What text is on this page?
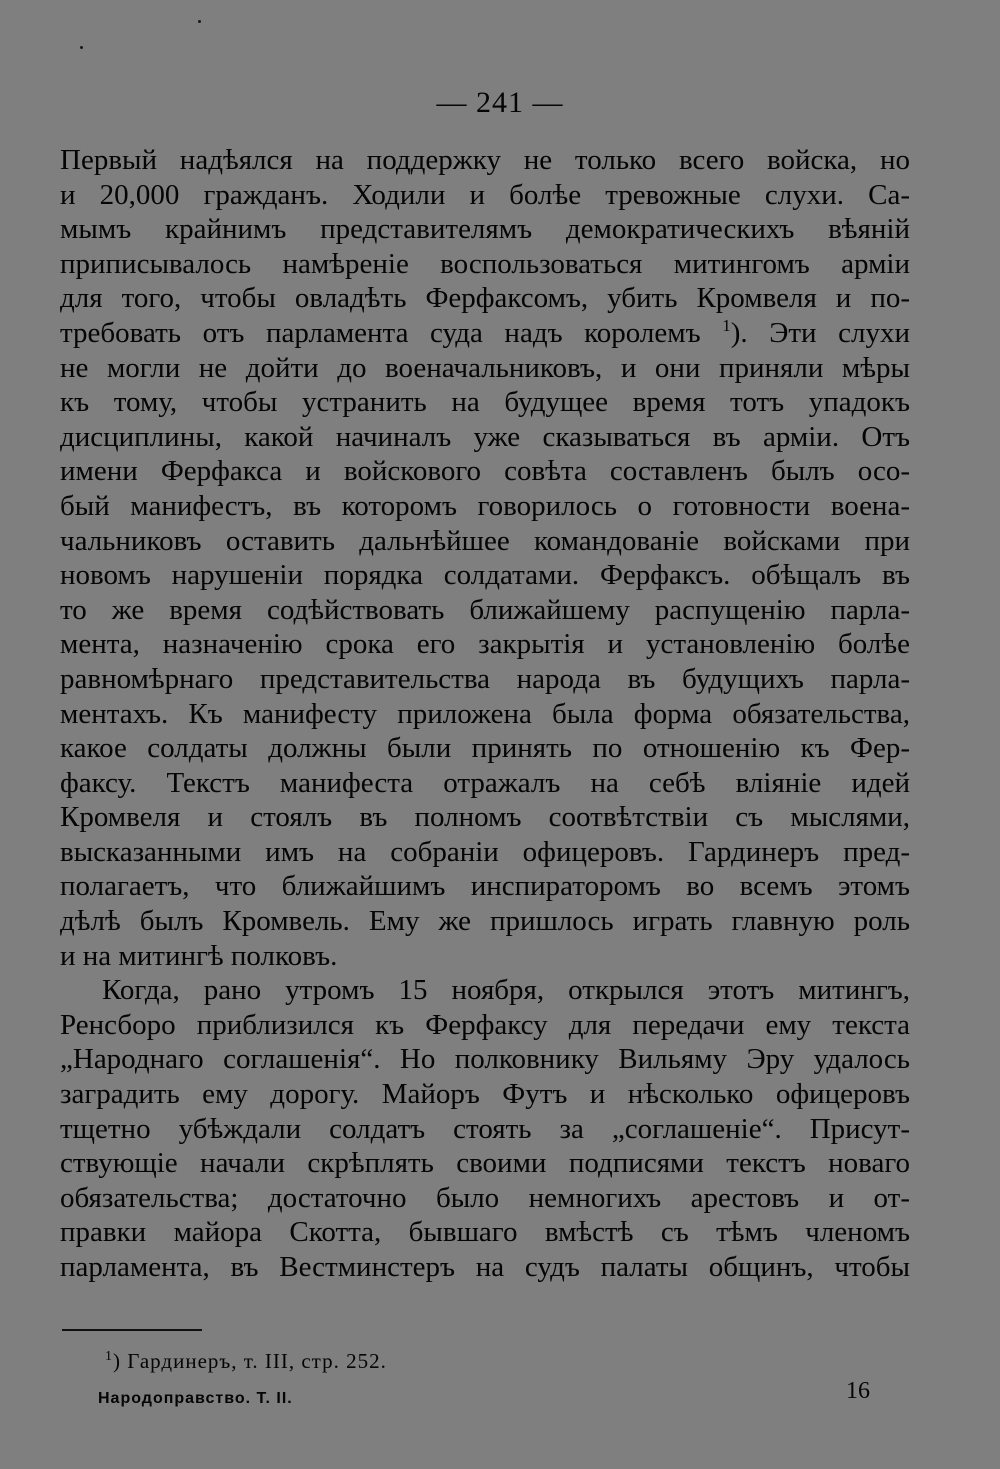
— 241 —
Первый надѣялся на поддержку не только всего войска, но
и 20,000 гражданъ. Ходили и болѣе тревожные слухи. Са-
мымъ крайнимъ представителямъ демократическихъ вѣяній
приписывалось намѣреніе воспользоваться митингомъ арміи
для того, чтобы овладѣть Ферфаксомъ, убить Кромвеля и по-
требовать отъ парламента суда надъ королемъ $^1$). Эти слухи
не могли не дойти до военачальниковъ, и они приняли мѣры
къ тому, чтобы устранить на будущее время тотъ упадокъ
дисциплины, какой начиналъ уже сказываться въ арміи. Отъ
имени Ферфакса и войскового совѣта составленъ былъ осо-
бый манифестъ, въ которомъ говорилось о готовности воена-
чальниковъ оставить дальнѣйшее командованіе войсками при
новомъ нарушеніи порядка солдатами. Ферфаксъ. обѣщалъ въ
то же время содѣйствовать ближайшему распущенію парла-
мента, назначенію срока его закрытія и установленію болѣе
равномѣрнаго представительства народа въ будущихъ парла-
ментахъ. Къ манифесту приложена была форма обязательства,
какое солдаты должны были принять по отношенію къ Фер-
факсу. Текстъ манифеста отражалъ на себѣ вліяніе идей
Кромвеля и стоялъ въ полномъ соотвѣтствіи съ мыслями,
высказанными имъ на собраніи офицеровъ. Гардинеръ пред-
полагаетъ, что ближайшимъ инспираторомъ во всемъ этомъ
дѣлѣ былъ Кромвель. Ему же пришлось играть главную роль
и на митингѣ полковъ.
Когда, рано утромъ 15 ноября, открылся этотъ митингъ,
Ренсборо приблизился къ Ферфаксу для передачи ему текста
„Народнаго соглашенія“. Но полковнику Вильяму Эру удалось
заградить ему дорогу. Майоръ Футъ и нѣсколько офицеровъ
тщетно убѣждали солдатъ стоять за „соглашеніе“. Присут-
ствующіе начали скрѣплять своими подписями текстъ новаго
обязательства; достаточно было немногихъ арестовъ и от-
правки майора Скотта, бывшаго вмѣстѣ съ тѣмъ членомъ
парламента, въ Вестминстеръ на судъ палаты общинъ, чтобы
$^1$) Гардинеръ, т. III, стр. 252.
Народоправство. Т. II.	16
